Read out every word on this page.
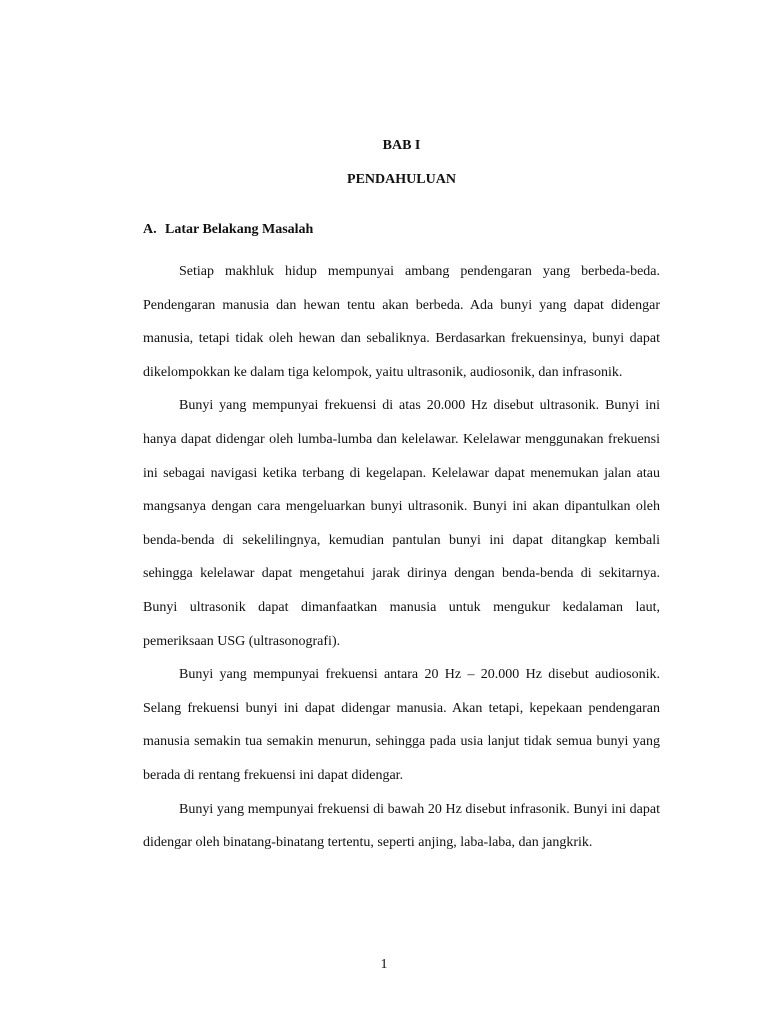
BAB I
PENDAHULUAN
A. Latar Belakang Masalah

Setiap makhluk hidup mempunyai ambang pendengaran yang berbeda-beda. Pendengaran manusia dan hewan tentu akan berbeda. Ada bunyi yang dapat didengar manusia, tetapi tidak oleh hewan dan sebaliknya. Berdasarkan frekuensinya, bunyi dapat dikelompokkan ke dalam tiga kelompok, yaitu ultrasonik, audiosonik, dan infrasonik.

Bunyi yang mempunyai frekuensi di atas 20.000 Hz disebut ultrasonik. Bunyi ini hanya dapat didengar oleh lumba-lumba dan kelelawar. Kelelawar menggunakan frekuensi ini sebagai navigasi ketika terbang di kegelapan. Kelelawar dapat menemukan jalan atau mangsanya dengan cara mengeluarkan bunyi ultrasonik. Bunyi ini akan dipantulkan oleh benda-benda di sekelilingnya, kemudian pantulan bunyi ini dapat ditangkap kembali sehingga kelelawar dapat mengetahui jarak dirinya dengan benda-benda di sekitarnya. Bunyi ultrasonik dapat dimanfaatkan manusia untuk mengukur kedalaman laut, pemeriksaan USG (ultrasonografi).

Bunyi yang mempunyai frekuensi antara 20 Hz – 20.000 Hz disebut audiosonik. Selang frekuensi bunyi ini dapat didengar manusia. Akan tetapi, kepekaan pendengaran manusia semakin tua semakin menurun, sehingga pada usia lanjut tidak semua bunyi yang berada di rentang frekuensi ini dapat didengar.

Bunyi yang mempunyai frekuensi di bawah 20 Hz disebut infrasonik. Bunyi ini dapat didengar oleh binatang-binatang tertentu, seperti anjing, laba-laba, dan jangkrik.

1
